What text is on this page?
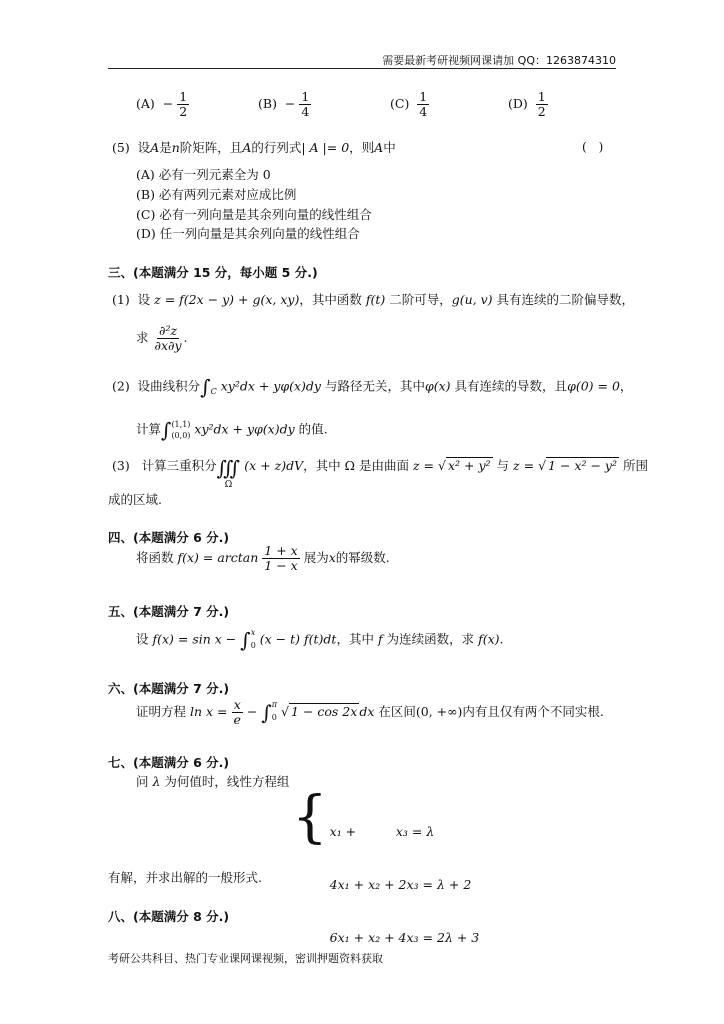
需要最新考研视频网课请加 QQ：1263874310
$(A) - \frac{1}{2}$	$(B) - \frac{1}{4}$	$(C) \frac{1}{4}$	$(D) \frac{1}{2}$
(5) 设A是n阶矩阵，且A的行列式| A |= 0，则A中	(　)
(A) 必有一列元素全为 0
(B) 必有两列元素对应成比例
(C) 必有一列向量是其余列向量的线性组合
(D) 任一列向量是其余列向量的线性组合
三、(本题满分 15 分，每小题 5 分.)
(1) 设 z = f(2x − y) + g(x, xy)，其中函数 f(t) 二阶可导，g(u, v) 具有连续的二阶偏导数，
求 $\frac{\text{∂²z}}{\partial x\partial y}$ .
(2) 设曲线积分$\int_C$ xy²dx + yφ(x)dy 与路径无关，其中φ(x) 具有连续的导数，且φ(0) = 0，
计算∫ (1,1)
(0,0) xy²dx + yφ(x)dy 的值.
(3) 计算三重积分 ∭
Ω
(x + z)dV，其中 Ω 是由曲面 z = √ x² + y² 与 z = √ 1 − x² − y² 所围
成的区域.
四、(本题满分 6 分.)
将函数 $f(x) = \arctan \frac{1 + x}{1 - x}$ 展为x的幂级数.
五、(本题满分 7 分.)
设 f(x) = sin x − ∫ x
0 (x − t) f(t)dt，其中 f 为连续函数，求 f(x).
六、(本题满分 7 分.)
证明方程 $\ln x = \frac{x}{e}$ − ∫ π
0 √ 1 − cos 2x dx 在区间(0, +∞)内有且仅有两个不同实根.
七、(本题满分 6 分.)
问 λ 为何值时，线性方程组
{

x₁ +          x₃ = λ

4x₁ + x₂ + 2x₃ = λ + 2

6x₁ + x₂ + 4x₃ = 2λ + 3

有解，并求出解的一般形式.
八、(本题满分 8 分.)
考研公共科目、热门专业课网课视频，密训押题资料获取
